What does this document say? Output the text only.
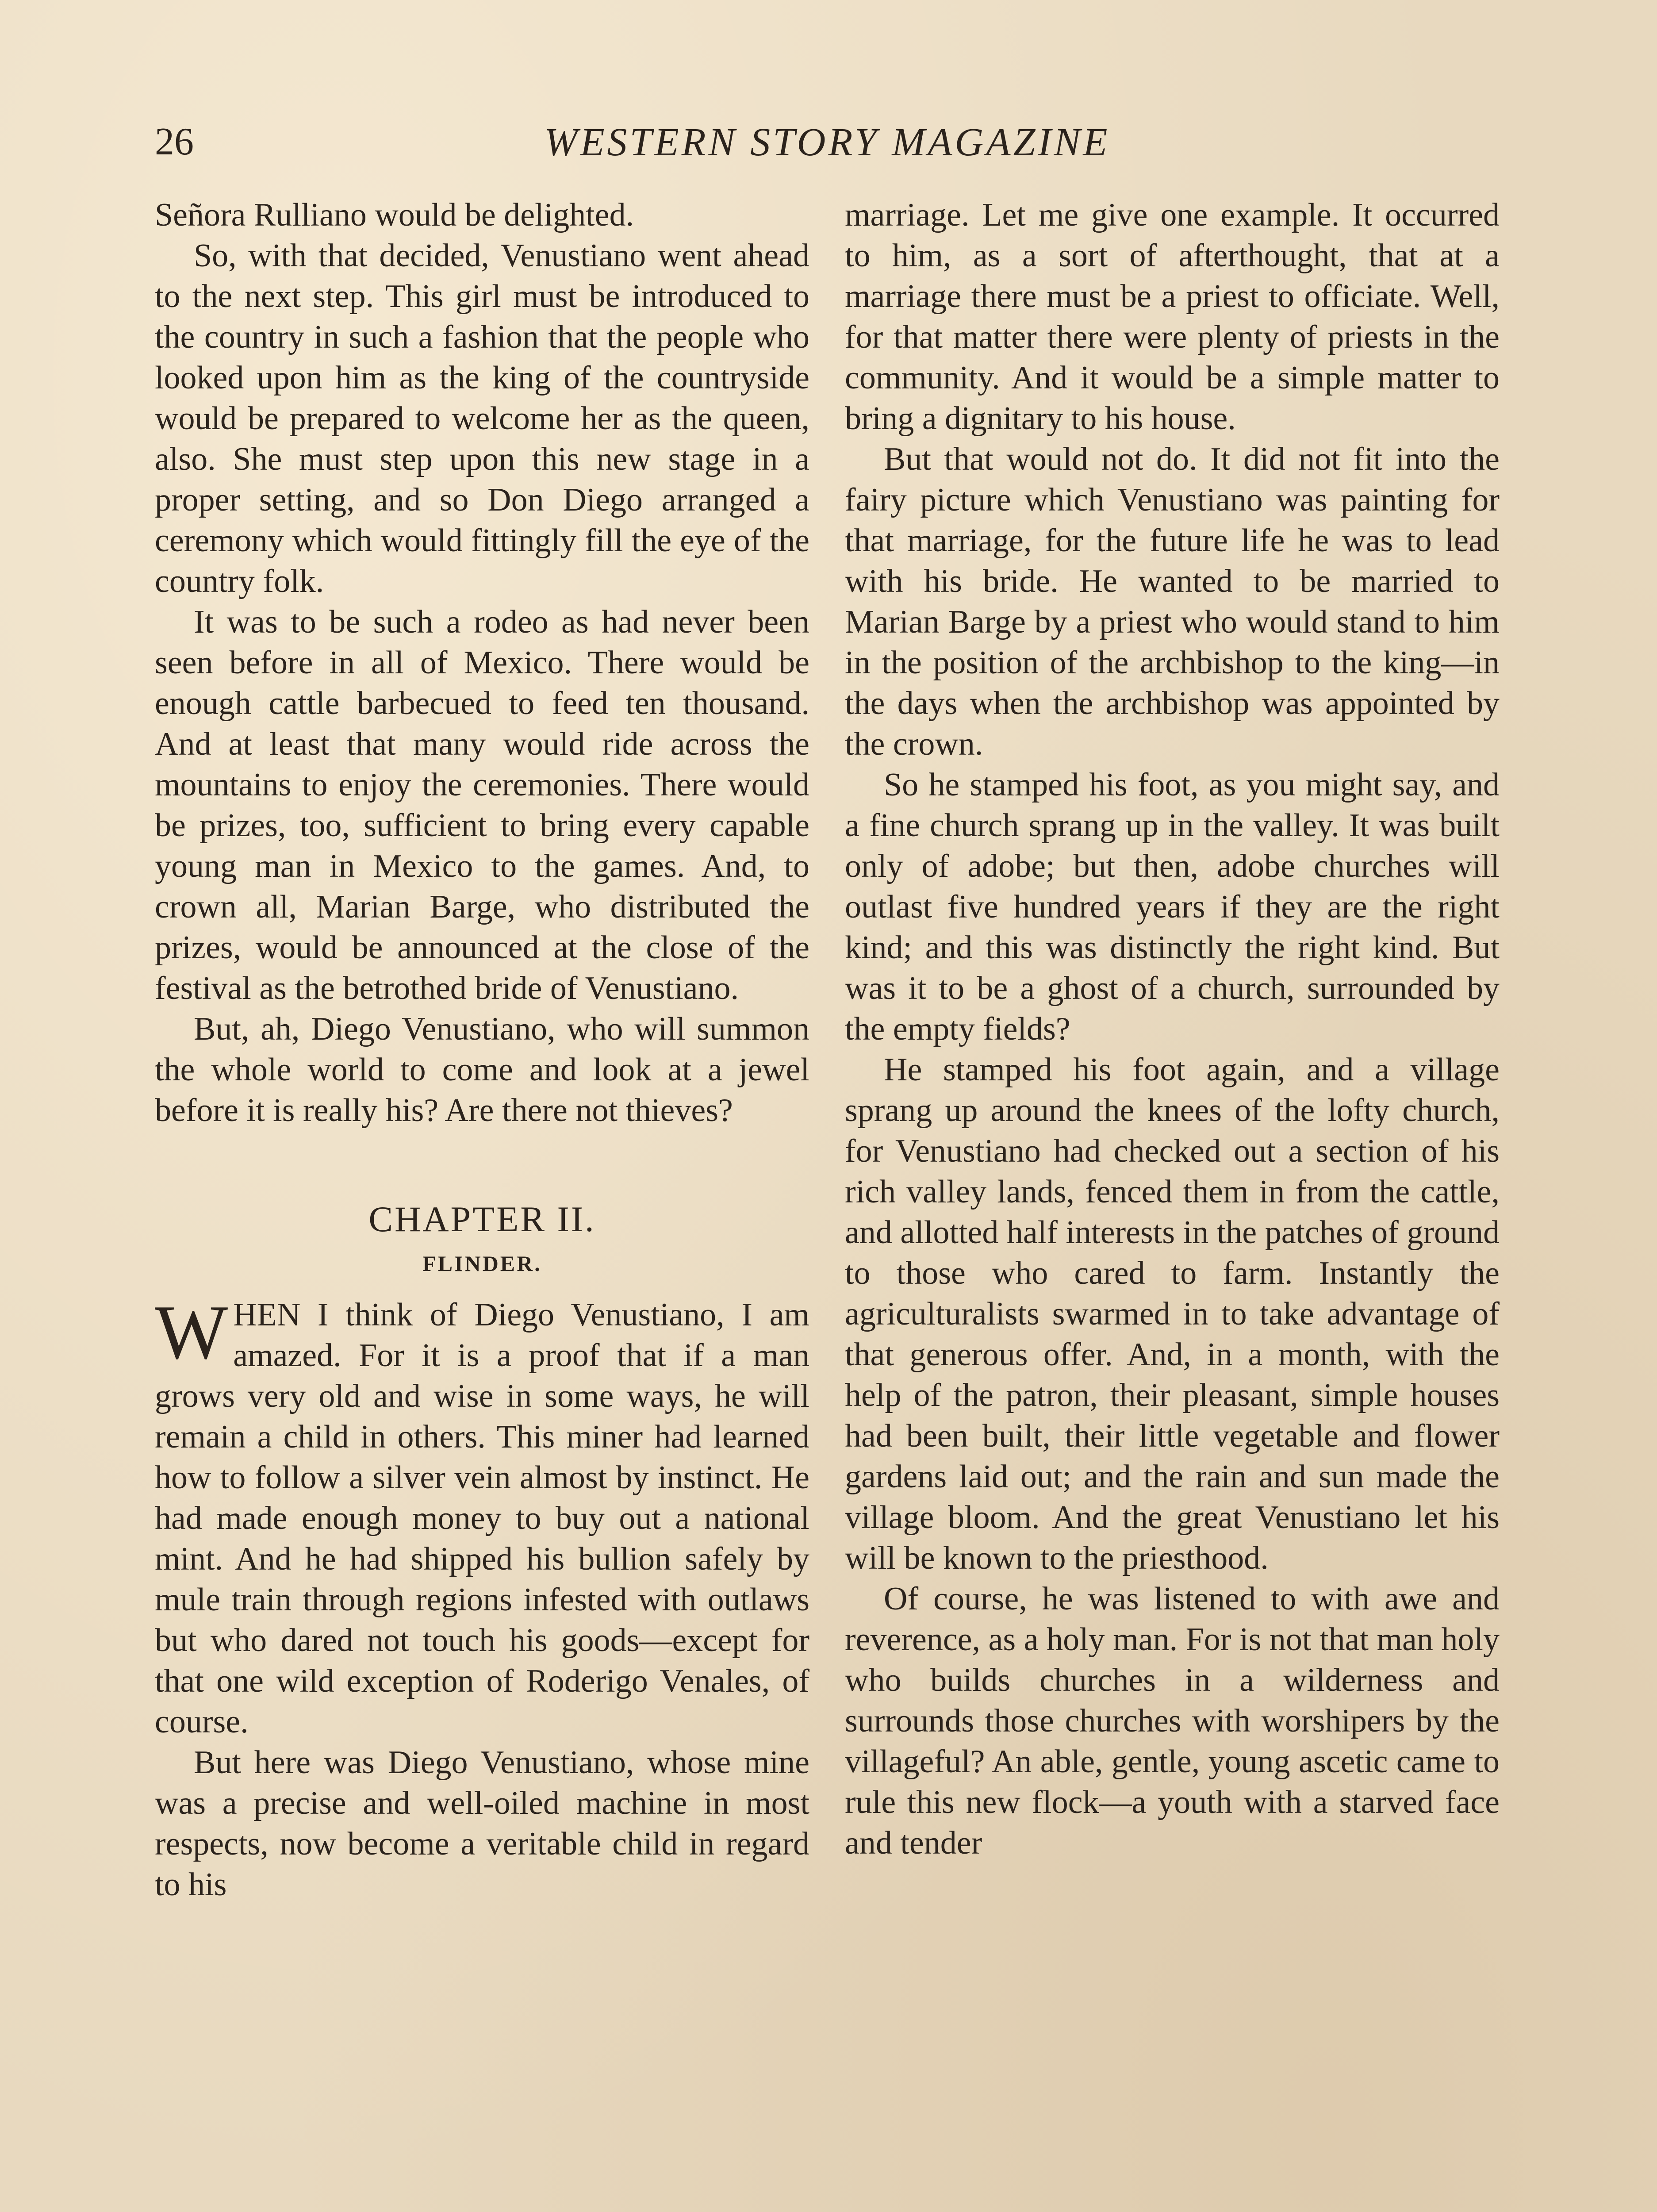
26	WESTERN STORY MAGAZINE

Señora Rulliano would be delighted.

So, with that decided, Venustiano went ahead to the next step. This girl must be introduced to the country in such a fashion that the people who looked upon him as the king of the countryside would be prepared to welcome her as the queen, also. She must step upon this new stage in a proper setting, and so Don Diego arranged a ceremony which would fittingly fill the eye of the country folk.

It was to be such a rodeo as had never been seen before in all of Mexico. There would be enough cattle barbecued to feed ten thousand. And at least that many would ride across the mountains to enjoy the ceremonies. There would be prizes, too, sufficient to bring every capable young man in Mexico to the games. And, to crown all, Marian Barge, who distributed the prizes, would be announced at the close of the festival as the betrothed bride of Venustiano.

But, ah, Diego Venustiano, who will summon the whole world to come and look at a jewel before it is really his? Are there not thieves?

CHAPTER II.
FLINDER.

WHEN I think of Diego Venustiano, I am amazed. For it is a proof that if a man grows very old and wise in some ways, he will remain a child in others. This miner had learned how to follow a silver vein almost by instinct. He had made enough money to buy out a national mint. And he had shipped his bullion safely by mule train through regions infested with outlaws but who dared not touch his goods—except for that one wild exception of Roderigo Venales, of course.

But here was Diego Venustiano, whose mine was a precise and well-oiled machine in most respects, now become a veritable child in regard to his

marriage. Let me give one example. It occurred to him, as a sort of afterthought, that at a marriage there must be a priest to officiate. Well, for that matter there were plenty of priests in the community. And it would be a simple matter to bring a dignitary to his house.

But that would not do. It did not fit into the fairy picture which Venustiano was painting for that marriage, for the future life he was to lead with his bride. He wanted to be married to Marian Barge by a priest who would stand to him in the position of the archbishop to the king—in the days when the archbishop was appointed by the crown.

So he stamped his foot, as you might say, and a fine church sprang up in the valley. It was built only of adobe; but then, adobe churches will outlast five hundred years if they are the right kind; and this was distinctly the right kind. But was it to be a ghost of a church, surrounded by the empty fields?

He stamped his foot again, and a village sprang up around the knees of the lofty church, for Venustiano had checked out a section of his rich valley lands, fenced them in from the cattle, and allotted half interests in the patches of ground to those who cared to farm. Instantly the agriculturalists swarmed in to take advantage of that generous offer. And, in a month, with the help of the patron, their pleasant, simple houses had been built, their little vegetable and flower gardens laid out; and the rain and sun made the village bloom. And the great Venustiano let his will be known to the priesthood.

Of course, he was listened to with awe and reverence, as a holy man. For is not that man holy who builds churches in a wilderness and surrounds those churches with worshipers by the villageful? An able, gentle, young ascetic came to rule this new flock—a youth with a starved face and tender
